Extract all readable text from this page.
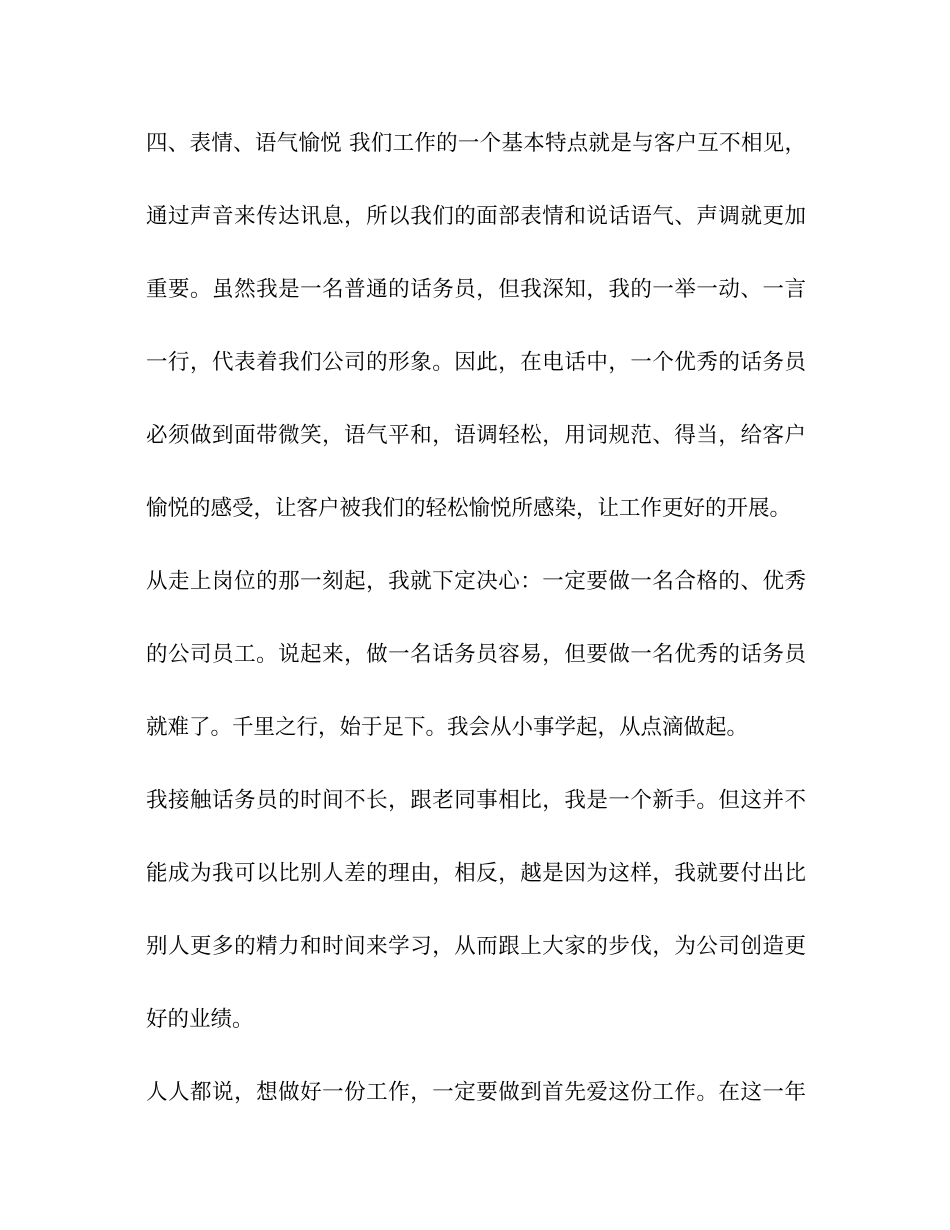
四、表情、语气愉悦 我们工作的一个基本特点就是与客户互不相见，
通过声音来传达讯息，所以我们的面部表情和说话语气、声调就更加
重要。虽然我是一名普通的话务员，但我深知，我的一举一动、一言
一行，代表着我们公司的形象。因此，在电话中，一个优秀的话务员
必须做到面带微笑，语气平和，语调轻松，用词规范、得当，给客户
愉悦的感受，让客户被我们的轻松愉悦所感染，让工作更好的开展。
从走上岗位的那一刻起，我就下定决心：一定要做一名合格的、优秀
的公司员工。说起来，做一名话务员容易，但要做一名优秀的话务员
就难了。千里之行，始于足下。我会从小事学起，从点滴做起。
我接触话务员的时间不长，跟老同事相比，我是一个新手。但这并不
能成为我可以比别人差的理由，相反，越是因为这样，我就要付出比
别人更多的精力和时间来学习，从而跟上大家的步伐，为公司创造更
好的业绩。
人人都说，想做好一份工作，一定要做到首先爱这份工作。在这一年
